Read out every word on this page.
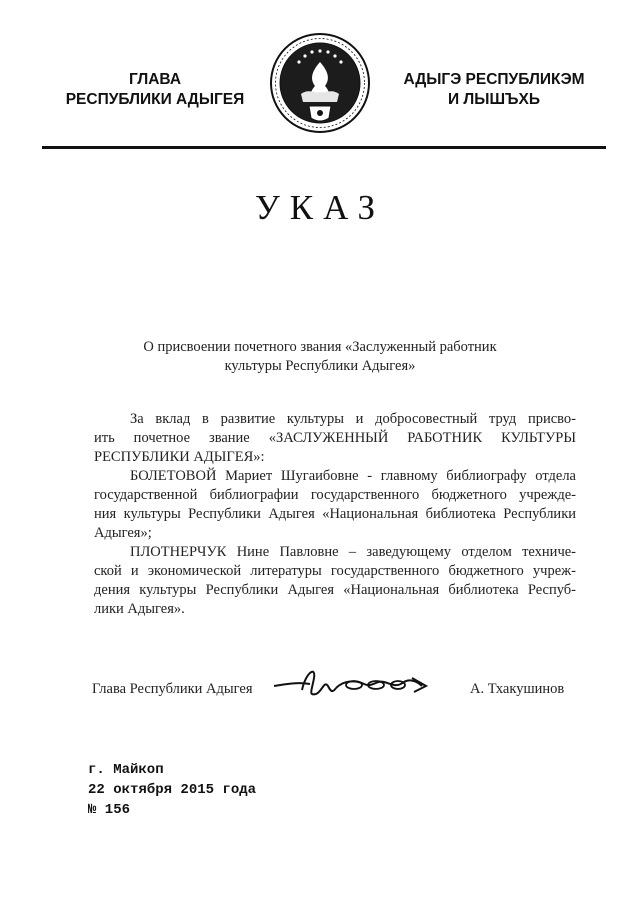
ГЛАВА
РЕСПУБЛИКИ АДЫГЕЯ
АДЫГЭ РЕСПУБЛИКЭМ
И ЛЫШЪХЬ
УКАЗ
О присвоении почетного звания «Заслуженный работник
культуры Республики Адыгея»
За вклад в развитие культуры и добросовестный труд присво-
ить почетное звание «ЗАСЛУЖЕННЫЙ РАБОТНИК КУЛЬТУРЫ
РЕСПУБЛИКИ АДЫГЕЯ»:
БОЛЕТОВОЙ Мариет Шугаибовне - главному библиографу отдела
государственной библиографии государственного бюджетного учрежде-
ния культуры Республики Адыгея «Национальная библиотека Республики
Адыгея»;
ПЛОТНЕРЧУК Нине Павловне – заведующему отделом техниче-
ской и экономической литературы государственного бюджетного учреж-
дения культуры Республики Адыгея «Национальная библиотека Респуб-
лики Адыгея».
Глава Республики Адыгея	А. Тхакушинов
г. Майкоп
22 октября 2015 года
№ 156
